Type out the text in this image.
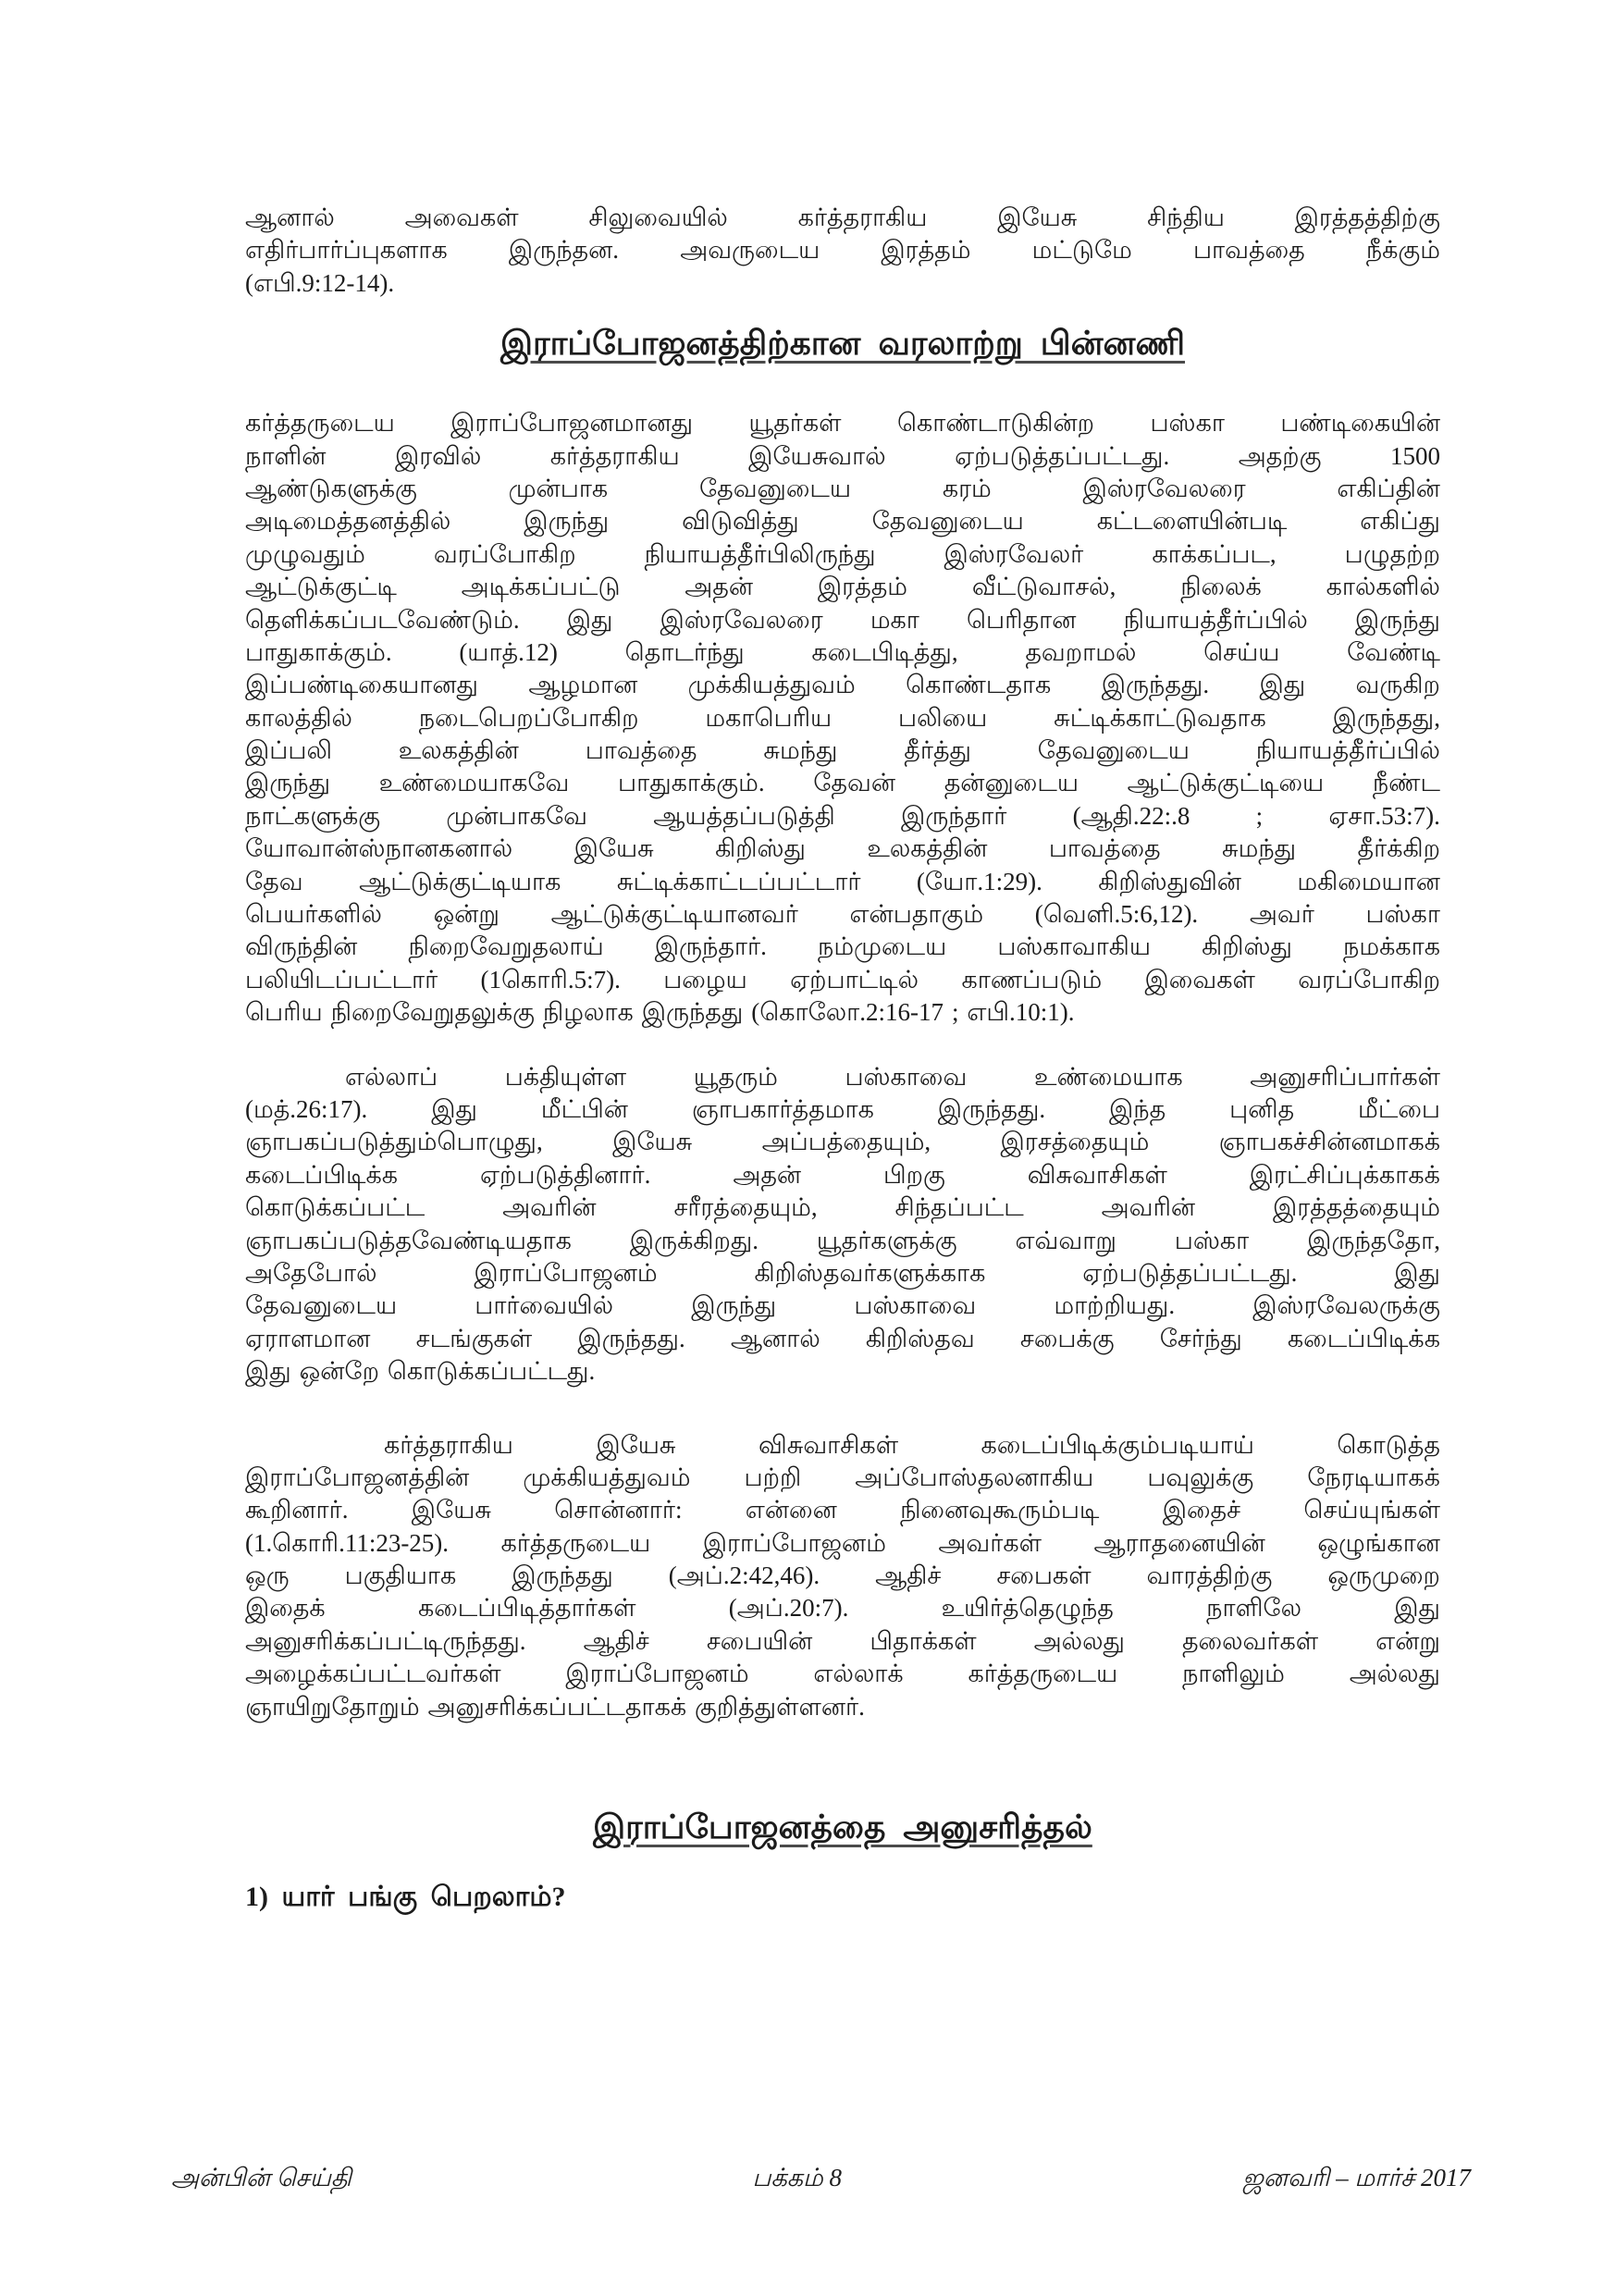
ஆனால்	அவைகள்	சிலுவையில்	கர்த்தராகிய	இயேசு	சிந்திய	இரத்தத்திற்கு
எதிர்பார்ப்புகளாக இருந்தன. அவருடைய இரத்தம் மட்டுமே பாவத்தை நீக்கும்
(எபி.9:12-14).
இராப்போஜனத்திற்கான வரலாற்று பின்னணி
கர்த்தருடைய இராப்போஜனமானது யூதர்கள் கொண்டாடுகின்ற பஸ்கா பண்டிகையின்
நாளின்	இரவில்	கர்த்தராகிய	இயேசுவால்	ஏற்படுத்தப்பட்டது.	அதற்கு	1500
ஆண்டுகளுக்கு	முன்பாக	தேவனுடைய	கரம்	இஸ்ரவேலரை	எகிப்தின்
அடிமைத்தனத்தில்	இருந்து	விடுவித்து	தேவனுடைய	கட்டளையின்படி	எகிப்து
முழுவதும்	வரப்போகிற	நியாயத்தீர்பிலிருந்து	இஸ்ரவேலர்	காக்கப்பட,	பழுதற்ற
ஆட்டுக்குட்டி	அடிக்கப்பட்டு	அதன்	இரத்தம்	வீட்டுவாசல்,	நிலைக்	கால்களில்
தெளிக்கப்படவேண்டும். இது இஸ்ரவேலரை மகா பெரிதான நியாயத்தீர்ப்பில் இருந்து
பாதுகாக்கும்.	(யாத்.12)	தொடர்ந்து	கடைபிடித்து,	தவறாமல்	செய்ய	வேண்டி
இப்பண்டிகையானது ஆழமான முக்கியத்துவம் கொண்டதாக இருந்தது. இது வருகிற
காலத்தில்	நடைபெறப்போகிற	மகாபெரிய	பலியை	சுட்டிக்காட்டுவதாக	இருந்தது,
இப்பலி	உலகத்தின்	பாவத்தை	சுமந்து	தீர்த்து	தேவனுடைய	நியாயத்தீர்ப்பில்
இருந்து உண்மையாகவே பாதுகாக்கும். தேவன் தன்னுடைய ஆட்டுக்குட்டியை நீண்ட
நாட்களுக்கு	முன்பாகவே	ஆயத்தப்படுத்தி	இருந்தார்	(ஆதி.22:.8	;	ஏசா.53:7).
யோவான்ஸ்நானகனால் இயேசு கிறிஸ்து உலகத்தின் பாவத்தை சுமந்து தீர்க்கிற
தேவ ஆட்டுக்குட்டியாக சுட்டிக்காட்டப்பட்டார் (யோ.1:29). கிறிஸ்துவின் மகிமையான
பெயர்களில் ஒன்று ஆட்டுக்குட்டியானவர் என்பதாகும் (வெளி.5:6,12). அவர் பஸ்கா
விருந்தின் நிறைவேறுதலாய் இருந்தார். நம்முடைய பஸ்காவாகிய கிறிஸ்து நமக்காக
பலியிடப்பட்டார் (1கொரி.5:7). பழைய ஏற்பாட்டில் காணப்படும் இவைகள் வரப்போகிற
பெரிய நிறைவேறுதலுக்கு நிழலாக இருந்தது (கொலோ.2:16-17 ; எபி.10:1).
எல்லாப்	பக்தியுள்ள	யூதரும்	பஸ்காவை	உண்மையாக	அனுசரிப்பார்கள்
(மத்.26:17).	இது	மீட்பின்	ஞாபகார்த்தமாக	இருந்தது.	இந்த	புனித	மீட்பை
ஞாபகப்படுத்தும்பொழுது,	இயேசு	அப்பத்தையும்,	இரசத்தையும்	ஞாபகச்சின்னமாகக்
கடைப்பிடிக்க	ஏற்படுத்தினார்.	அதன்	பிறகு	விசுவாசிகள்	இரட்சிப்புக்காகக்
கொடுக்கப்பட்ட	அவரின்	சரீரத்தையும்,	சிந்தப்பட்ட	அவரின்	இரத்தத்தையும்
ஞாபகப்படுத்தவேண்டியதாக இருக்கிறது. யூதர்களுக்கு எவ்வாறு பஸ்கா இருந்ததோ,
அதேபோல்	இராப்போஜனம்	கிறிஸ்தவர்களுக்காக	ஏற்படுத்தப்பட்டது.	இது
தேவனுடைய	பார்வையில்	இருந்து	பஸ்காவை	மாற்றியது.	இஸ்ரவேலருக்கு
ஏராளமான சடங்குகள் இருந்தது. ஆனால் கிறிஸ்தவ சபைக்கு சேர்ந்து கடைப்பிடிக்க
இது ஒன்றே கொடுக்கப்பட்டது.
கர்த்தராகிய	இயேசு	விசுவாசிகள்	கடைப்பிடிக்கும்படியாய்	கொடுத்த
இராப்போஜனத்தின் முக்கியத்துவம் பற்றி அப்போஸ்தலனாகிய பவுலுக்கு நேரடியாகக்
கூறினார்.	இயேசு	சொன்னார்:	என்னை	நினைவுகூரும்படி	இதைச்	செய்யுங்கள்
(1.கொரி.11:23-25). கர்த்தருடைய இராப்போஜனம் அவர்கள் ஆராதனையின் ஒழுங்கான
ஒரு பகுதியாக இருந்தது (அப்.2:42,46). ஆதிச் சபைகள் வாரத்திற்கு ஒருமுறை
இதைக்	கடைப்பிடித்தார்கள்	(அப்.20:7).	உயிர்த்தெழுந்த	நாளிலே	இது
அனுசரிக்கப்பட்டிருந்தது. ஆதிச் சபையின் பிதாக்கள் அல்லது தலைவர்கள் என்று
அழைக்கப்பட்டவர்கள்	இராப்போஜனம்	எல்லாக்	கர்த்தருடைய	நாளிலும்	அல்லது
ஞாயிறுதோறும் அனுசரிக்கப்பட்டதாகக் குறித்துள்ளனர்.
இராப்போஜனத்தை அனுசரித்தல்
1) யார் பங்கு பெறலாம்?
அன்பின் செய்தி	பக்கம் 8	ஜனவரி – மார்ச் 2017
